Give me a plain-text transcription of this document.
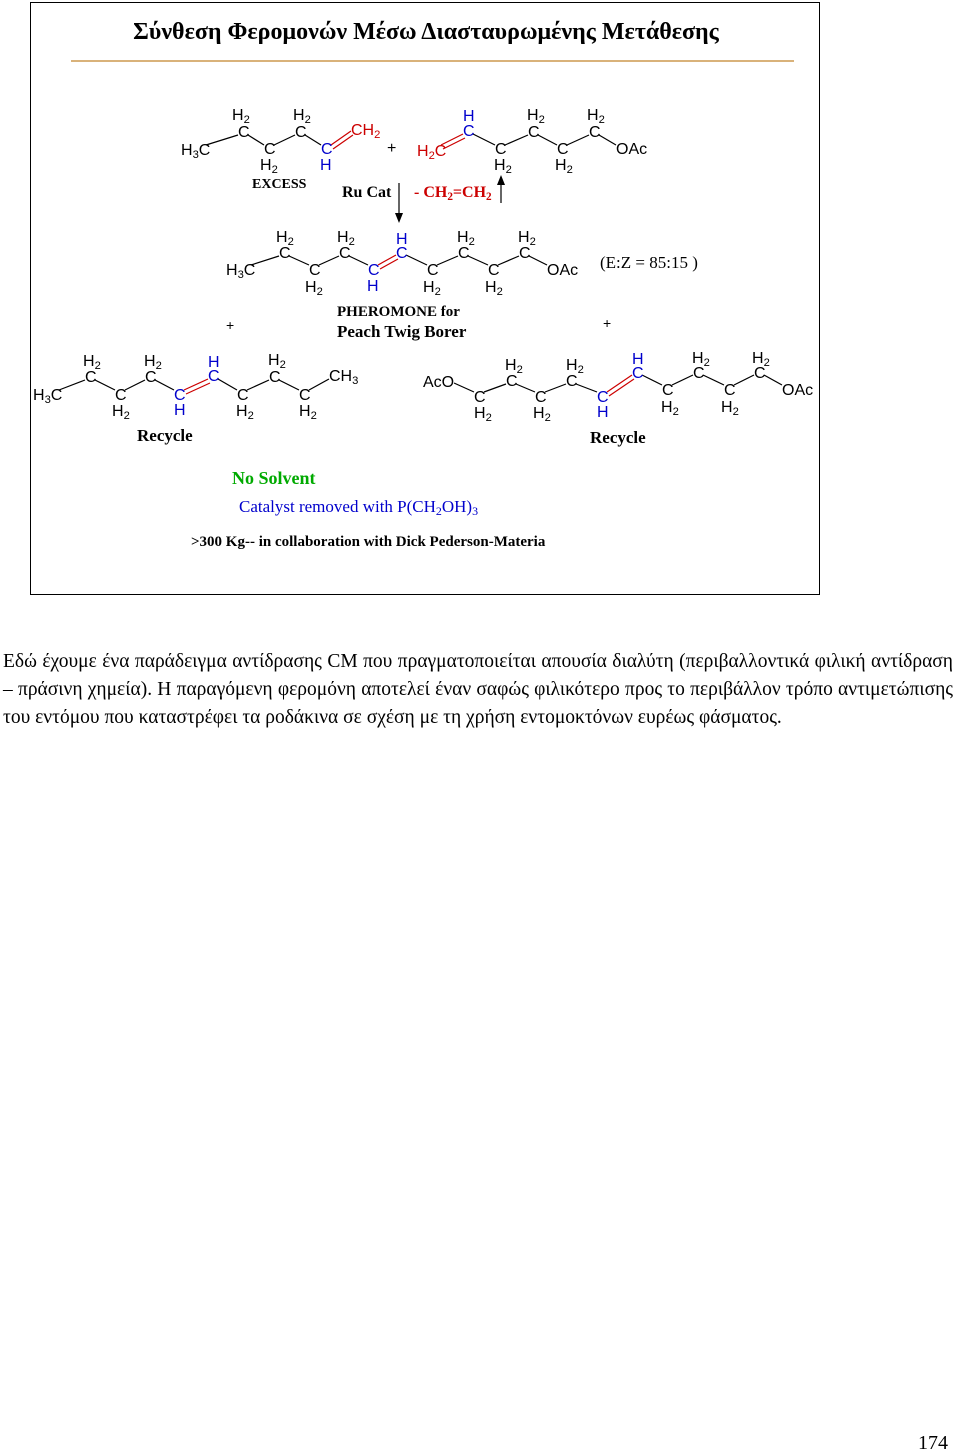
Σύνθεση Φερομονών Μέσω Διασταυρωμένης Μετάθεσης
$H_3C$
$H_2$
C
C
$H_2$
$H_2$
C
C
H
$CH_2$
EXCESS
+ $H_2C$
H
C
C
$H_2$
$H_2$
C
C
$H_2$
$H_2$
C
OAc
Ru Cat - $CH_2=CH_2$
$H_3C$
$H_2$
C
C
$H_2$
$H_2$
C
C
H
H
C
C
$H_2$
$H_2$
C
C
$H_2$
$H_2$
C
OAc (E:Z = 85:15 )
+	+
PHEROMONE for
Peach Twig Borer
$H_3C$
$H_2$
C
C
$H_2$
$H_2$
C
C
H
H
C
C
$H_2$
$H_2$
C
C
$H_2$
$CH_3$
Recycle
AcO
C
$H_2$
$H_2$
C
C
$H_2$
$H_2$
C
C
H
H
C
C
$H_2$
$H_2$
C
C
$H_2$
$H_2$
C
OAc
Recycle
No Solvent
Catalyst removed with $P(CH_2OH)_3$
>300 Kg-- in collaboration with Dick Pederson-Materia

Εδώ έχουμε ένα παράδειγμα αντίδρασης CM που πραγματοποιείται απουσία διαλύτη (περιβαλλοντικά φιλική αντίδραση – πράσινη χημεία). Η παραγόμενη φερομόνη αποτελεί έναν σαφώς φιλικότερο προς το περιβάλλον τρόπο αντιμετώπισης του εντόμου που καταστρέφει τα ροδάκινα σε σχέση με τη χρήση εντομοκτόνων ευρέως φάσματος.

174
